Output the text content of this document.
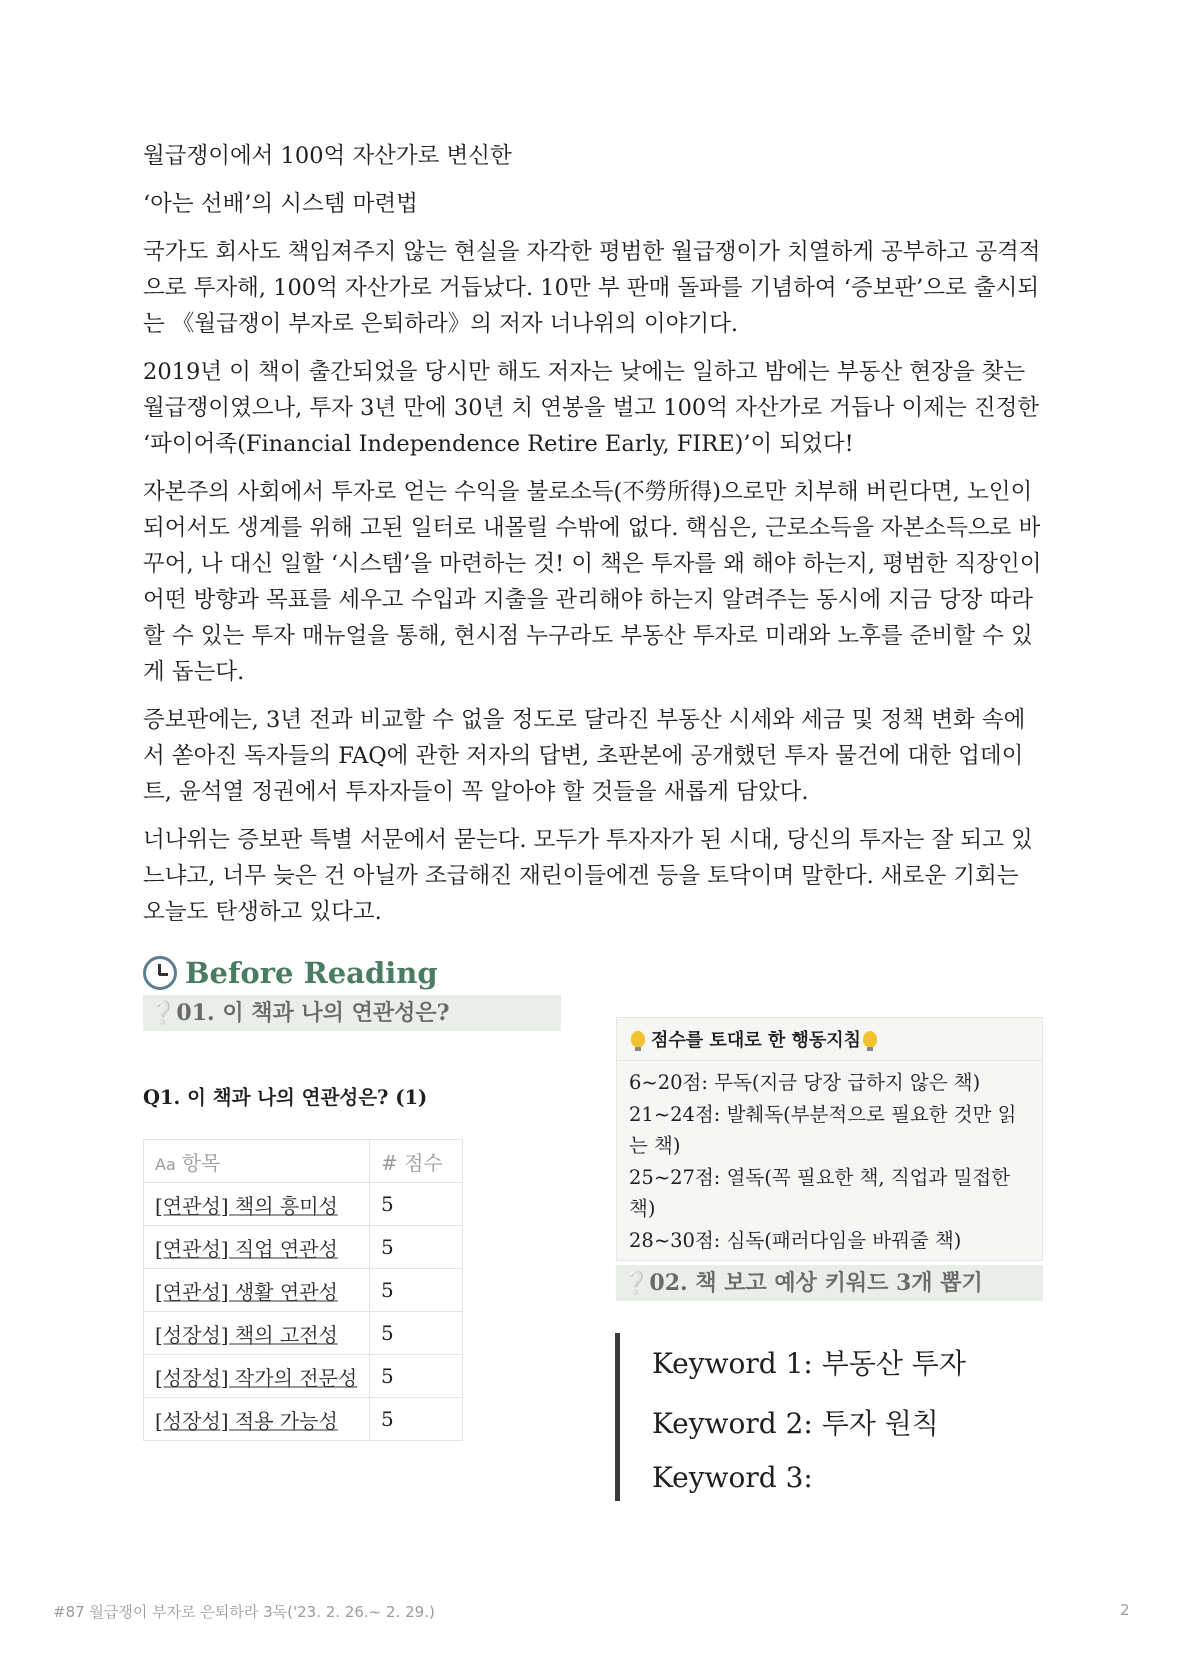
월급쟁이에서 100억 자산가로 변신한

‘아는 선배’의 시스템 마련법

국가도 회사도 책임져주지 않는 현실을 자각한 평범한 월급쟁이가 치열하게 공부하고 공격적으로 투자해, 100억 자산가로 거듭났다. 10만 부 판매 돌파를 기념하여 ‘증보판’으로 출시되는 《월급쟁이 부자로 은퇴하라》의 저자 너나위의 이야기다.

2019년 이 책이 출간되었을 당시만 해도 저자는 낮에는 일하고 밤에는 부동산 현장을 찾는 월급쟁이였으나, 투자 3년 만에 30년 치 연봉을 벌고 100억 자산가로 거듭나 이제는 진정한 ‘파이어족(Financial Independence Retire Early, FIRE)’이 되었다!

자본주의 사회에서 투자로 얻는 수익을 불로소득(不勞所得)으로만 치부해 버린다면, 노인이 되어서도 생계를 위해 고된 일터로 내몰릴 수밖에 없다. 핵심은, 근로소득을 자본소득으로 바꾸어, 나 대신 일할 ‘시스템’을 마련하는 것! 이 책은 투자를 왜 해야 하는지, 평범한 직장인이 어떤 방향과 목표를 세우고 수입과 지출을 관리해야 하는지 알려주는 동시에 지금 당장 따라 할 수 있는 투자 매뉴얼을 통해, 현시점 누구라도 부동산 투자로 미래와 노후를 준비할 수 있게 돕는다.

증보판에는, 3년 전과 비교할 수 없을 정도로 달라진 부동산 시세와 세금 및 정책 변화 속에서 쏟아진 독자들의 FAQ에 관한 저자의 답변, 초판본에 공개했던 투자 물건에 대한 업데이트, 윤석열 정권에서 투자자들이 꼭 알아야 할 것들을 새롭게 담았다.

너나위는 증보판 특별 서문에서 묻는다. 모두가 투자자가 된 시대, 당신의 투자는 잘 되고 있느냐고, 너무 늦은 건 아닐까 조급해진 재린이들에겐 등을 토닥이며 말한다. 새로운 기회는 오늘도 탄생하고 있다고.

Before Reading
❔01. 이 책과 나의 연관성은?
Q1. 이 책과 나의 연관성은? (1)
Aa 항목	# 점수
[연관성] 책의 흥미성	5
[연관성] 직업 연관성	5
[연관성] 생활 연관성	5
[성장성] 책의 고전성	5
[성장성] 작가의 전문성	5
[성장성] 적용 가능성	5
점수를 토대로 한 행동지침
6~20점: 무독(지금 당장 급하지 않은 책)
21~24점: 발췌독(부분적으로 필요한 것만 읽는 책)
25~27점: 열독(꼭 필요한 책, 직업과 밀접한 책)
28~30점: 심독(패러다임을 바꿔줄 책)
❔02. 책 보고 예상 키워드 3개 뽑기
Keyword 1: 부동산 투자
Keyword 2: 투자 원칙
Keyword 3:
#87 월급쟁이 부자로 은퇴하라 3독('23. 2. 26.~ 2. 29.)	2
